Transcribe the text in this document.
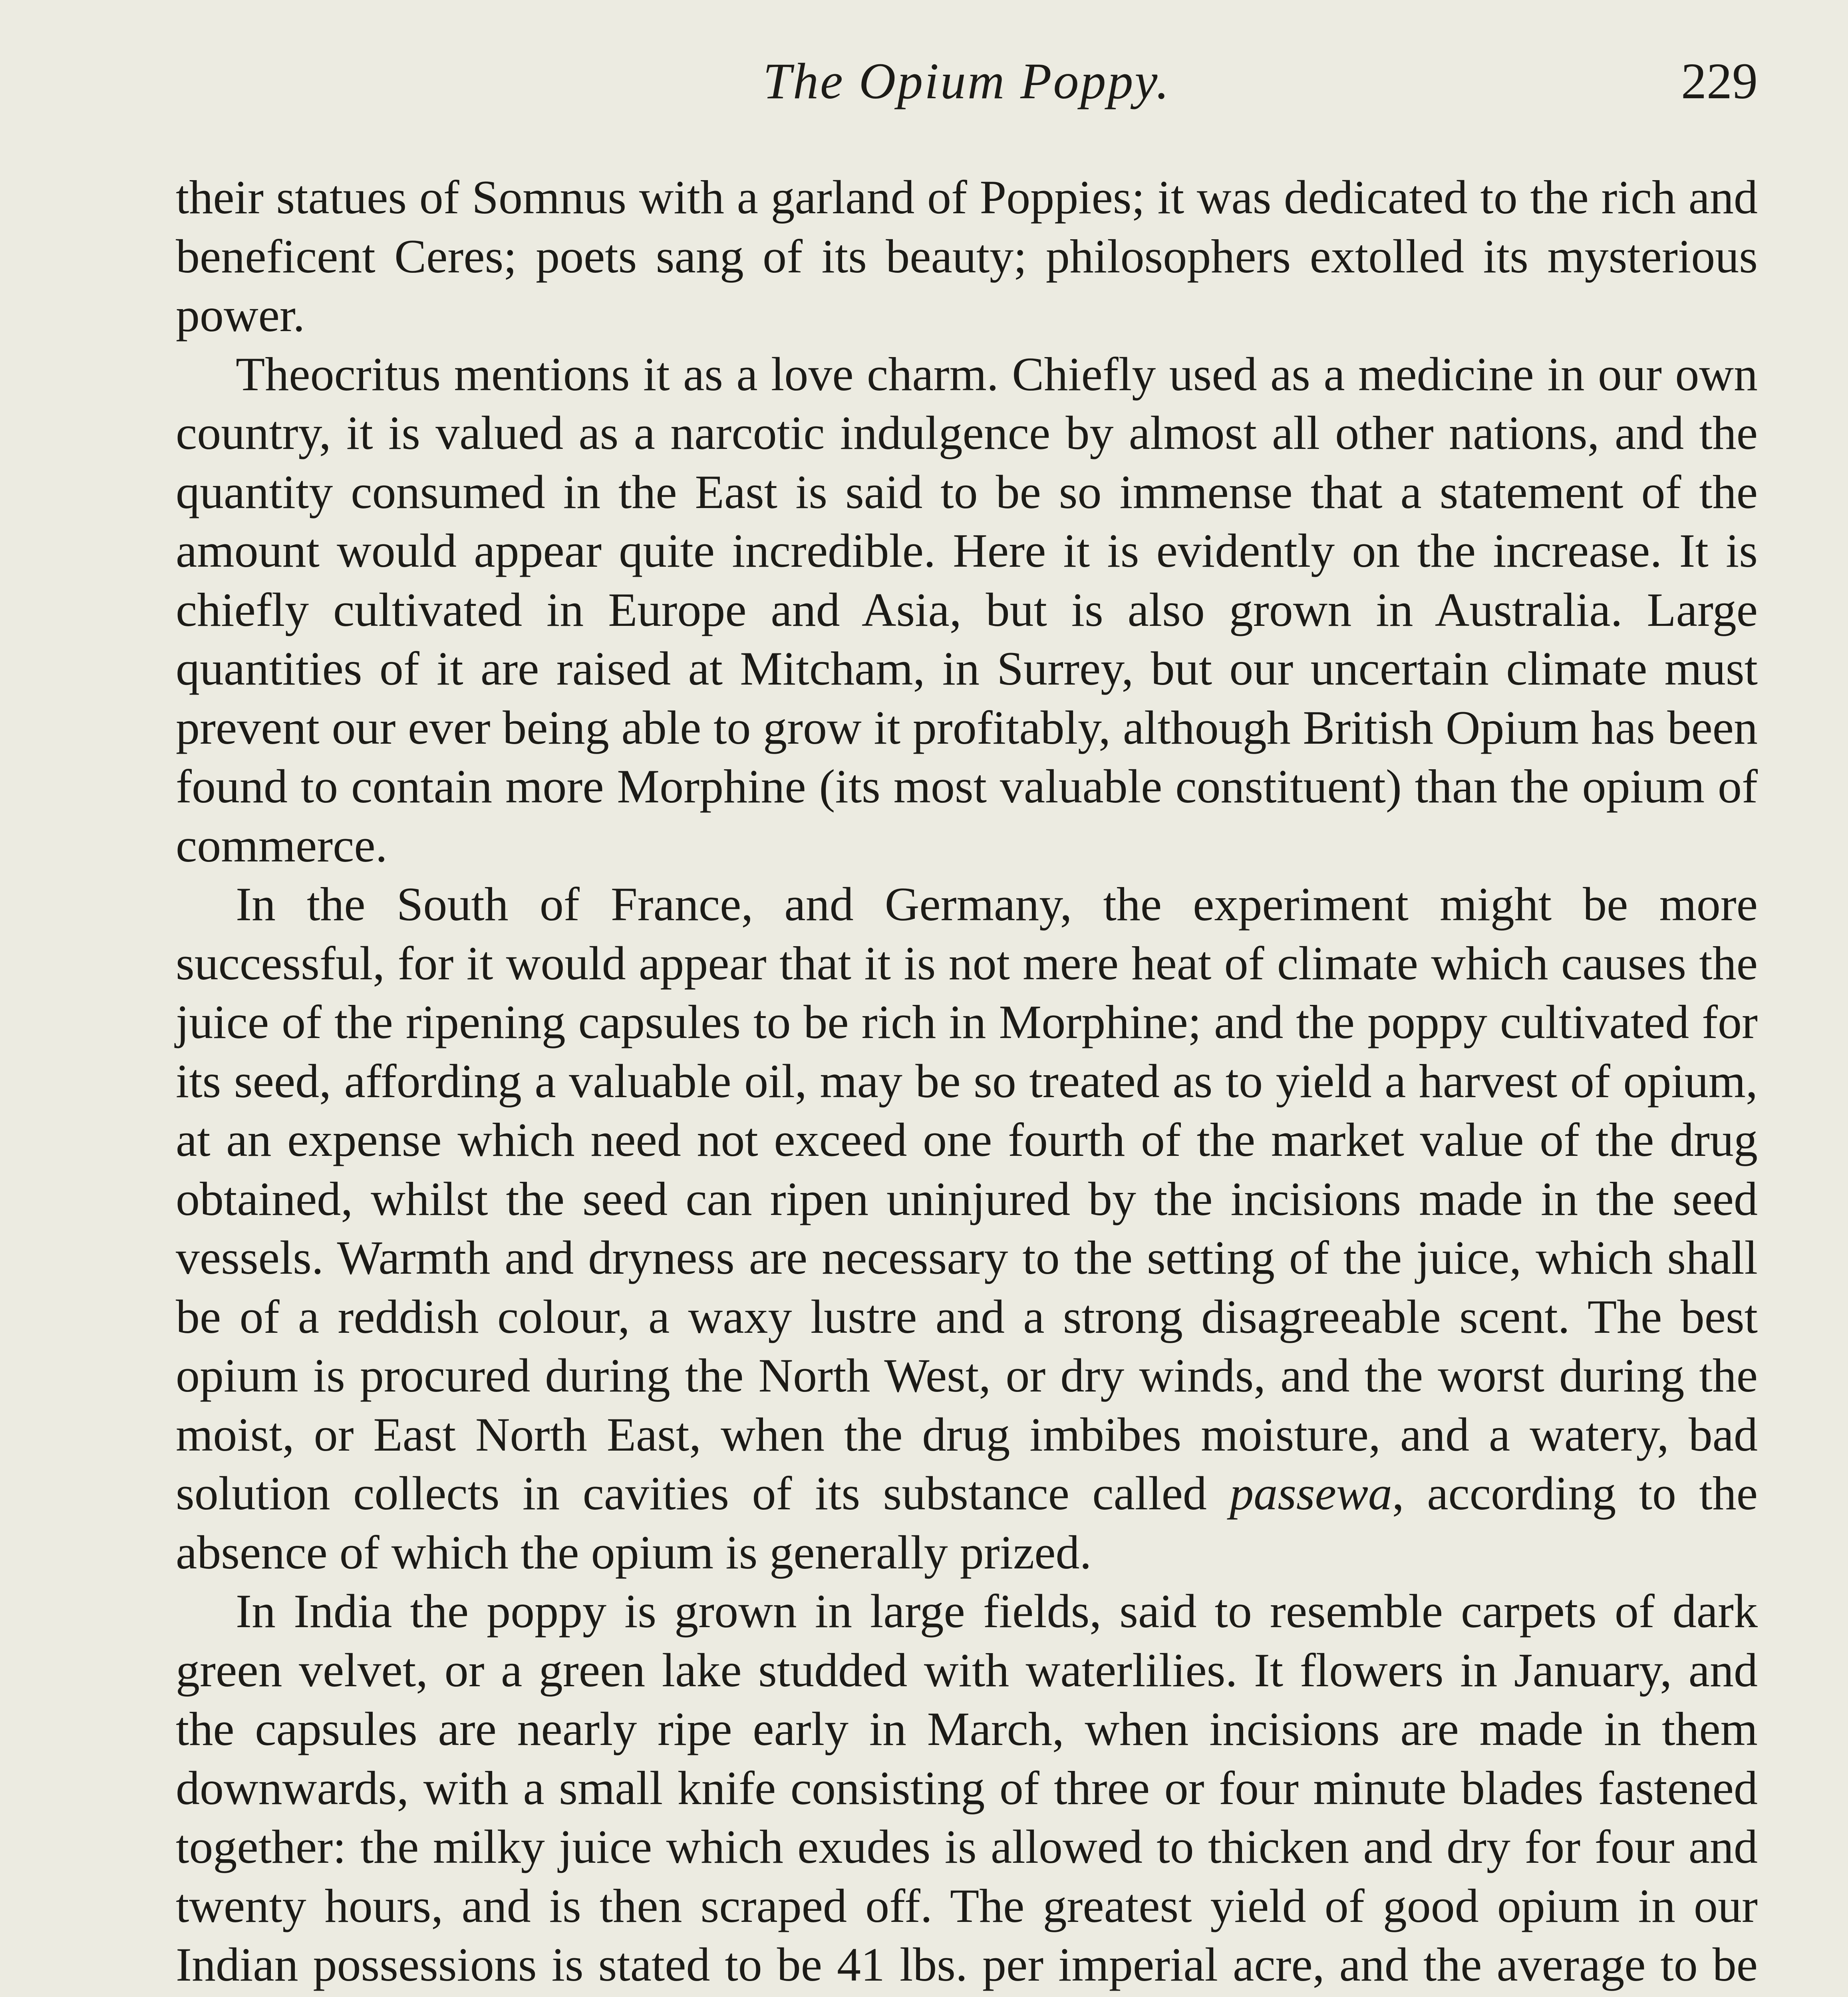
The Opium Poppy.	229

their statues of Somnus with a garland of Poppies; it was dedicated to the rich and beneficent Ceres; poets sang of its beauty; philosophers extolled its mysterious power.

Theocritus mentions it as a love charm. Chiefly used as a medicine in our own country, it is valued as a narcotic indulgence by almost all other nations, and the quantity consumed in the East is said to be so immense that a statement of the amount would appear quite incredible. Here it is evidently on the increase. It is chiefly cultivated in Europe and Asia, but is also grown in Australia. Large quantities of it are raised at Mitcham, in Surrey, but our uncertain climate must prevent our ever being able to grow it profitably, although British Opium has been found to contain more Morphine (its most valuable constituent) than the opium of commerce.

In the South of France, and Germany, the experiment might be more successful, for it would appear that it is not mere heat of climate which causes the juice of the ripening capsules to be rich in Morphine; and the poppy cultivated for its seed, affording a valuable oil, may be so treated as to yield a harvest of opium, at an expense which need not exceed one fourth of the market value of the drug obtained, whilst the seed can ripen uninjured by the incisions made in the seed vessels. Warmth and dryness are necessary to the setting of the juice, which shall be of a reddish colour, a waxy lustre and a strong disagreeable scent. The best opium is procured during the North West, or dry winds, and the worst during the moist, or East North East, when the drug imbibes moisture, and a watery, bad solution collects in cavities of its substance called passewa, according to the absence of which the opium is generally prized.

In India the poppy is grown in large fields, said to resemble carpets of dark green velvet, or a green lake studded with waterlilies. It flowers in January, and the capsules are nearly ripe early in March, when incisions are made in them downwards, with a small knife consisting of three or four minute blades fastened together: the milky juice which exudes is allowed to thicken and dry for four and twenty hours, and is then scraped off. The greatest yield of good opium in our Indian possessions is stated to be 41 lbs. per imperial acre, and the average to be
